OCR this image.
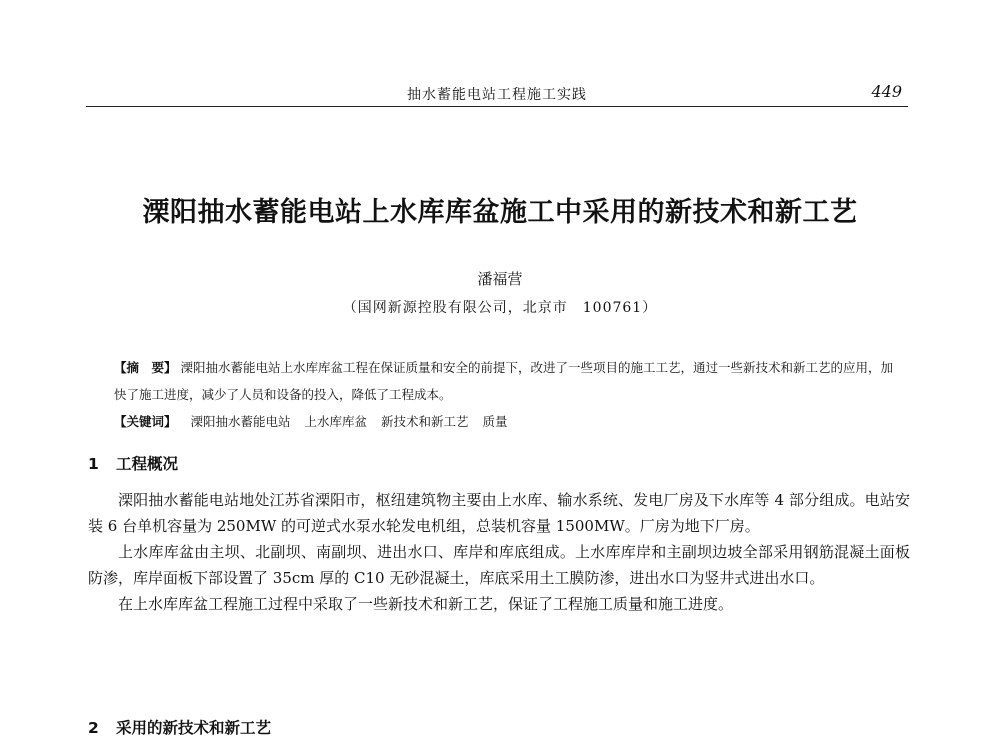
抽水蓄能电站工程施工实践	449
溧阳抽水蓄能电站上水库库盆施工中采用的新技术和新工艺
潘福营
（国网新源控股有限公司，北京市　100761）
【摘　要】 溧阳抽水蓄能电站上水库库盆工程在保证质量和安全的前提下，改进了一些项目的施工工艺，通过一些新技术和新工艺的应用，加快了施工进度，减少了人员和设备的投入，降低了工程成本。
【关键词】 溧阳抽水蓄能电站 上水库库盆 新技术和新工艺 质量
1 工程概况

溧阳抽水蓄能电站地处江苏省溧阳市，枢纽建筑物主要由上水库、输水系统、发电厂房及下水库等 4 部分组成。电站安装 6 台单机容量为 250MW 的可逆式水泵水轮发电机组，总装机容量 1500MW。厂房为地下厂房。

上水库库盆由主坝、北副坝、南副坝、进出水口、库岸和库底组成。上水库库岸和主副坝边坡全部采用钢筋混凝土面板防渗，库岸面板下部设置了 35cm 厚的 C10 无砂混凝土，库底采用土工膜防渗，进出水口为竖井式进出水口。

在上水库库盆工程施工过程中采取了一些新技术和新工艺，保证了工程施工质量和施工进度。

2 采用的新技术和新工艺
